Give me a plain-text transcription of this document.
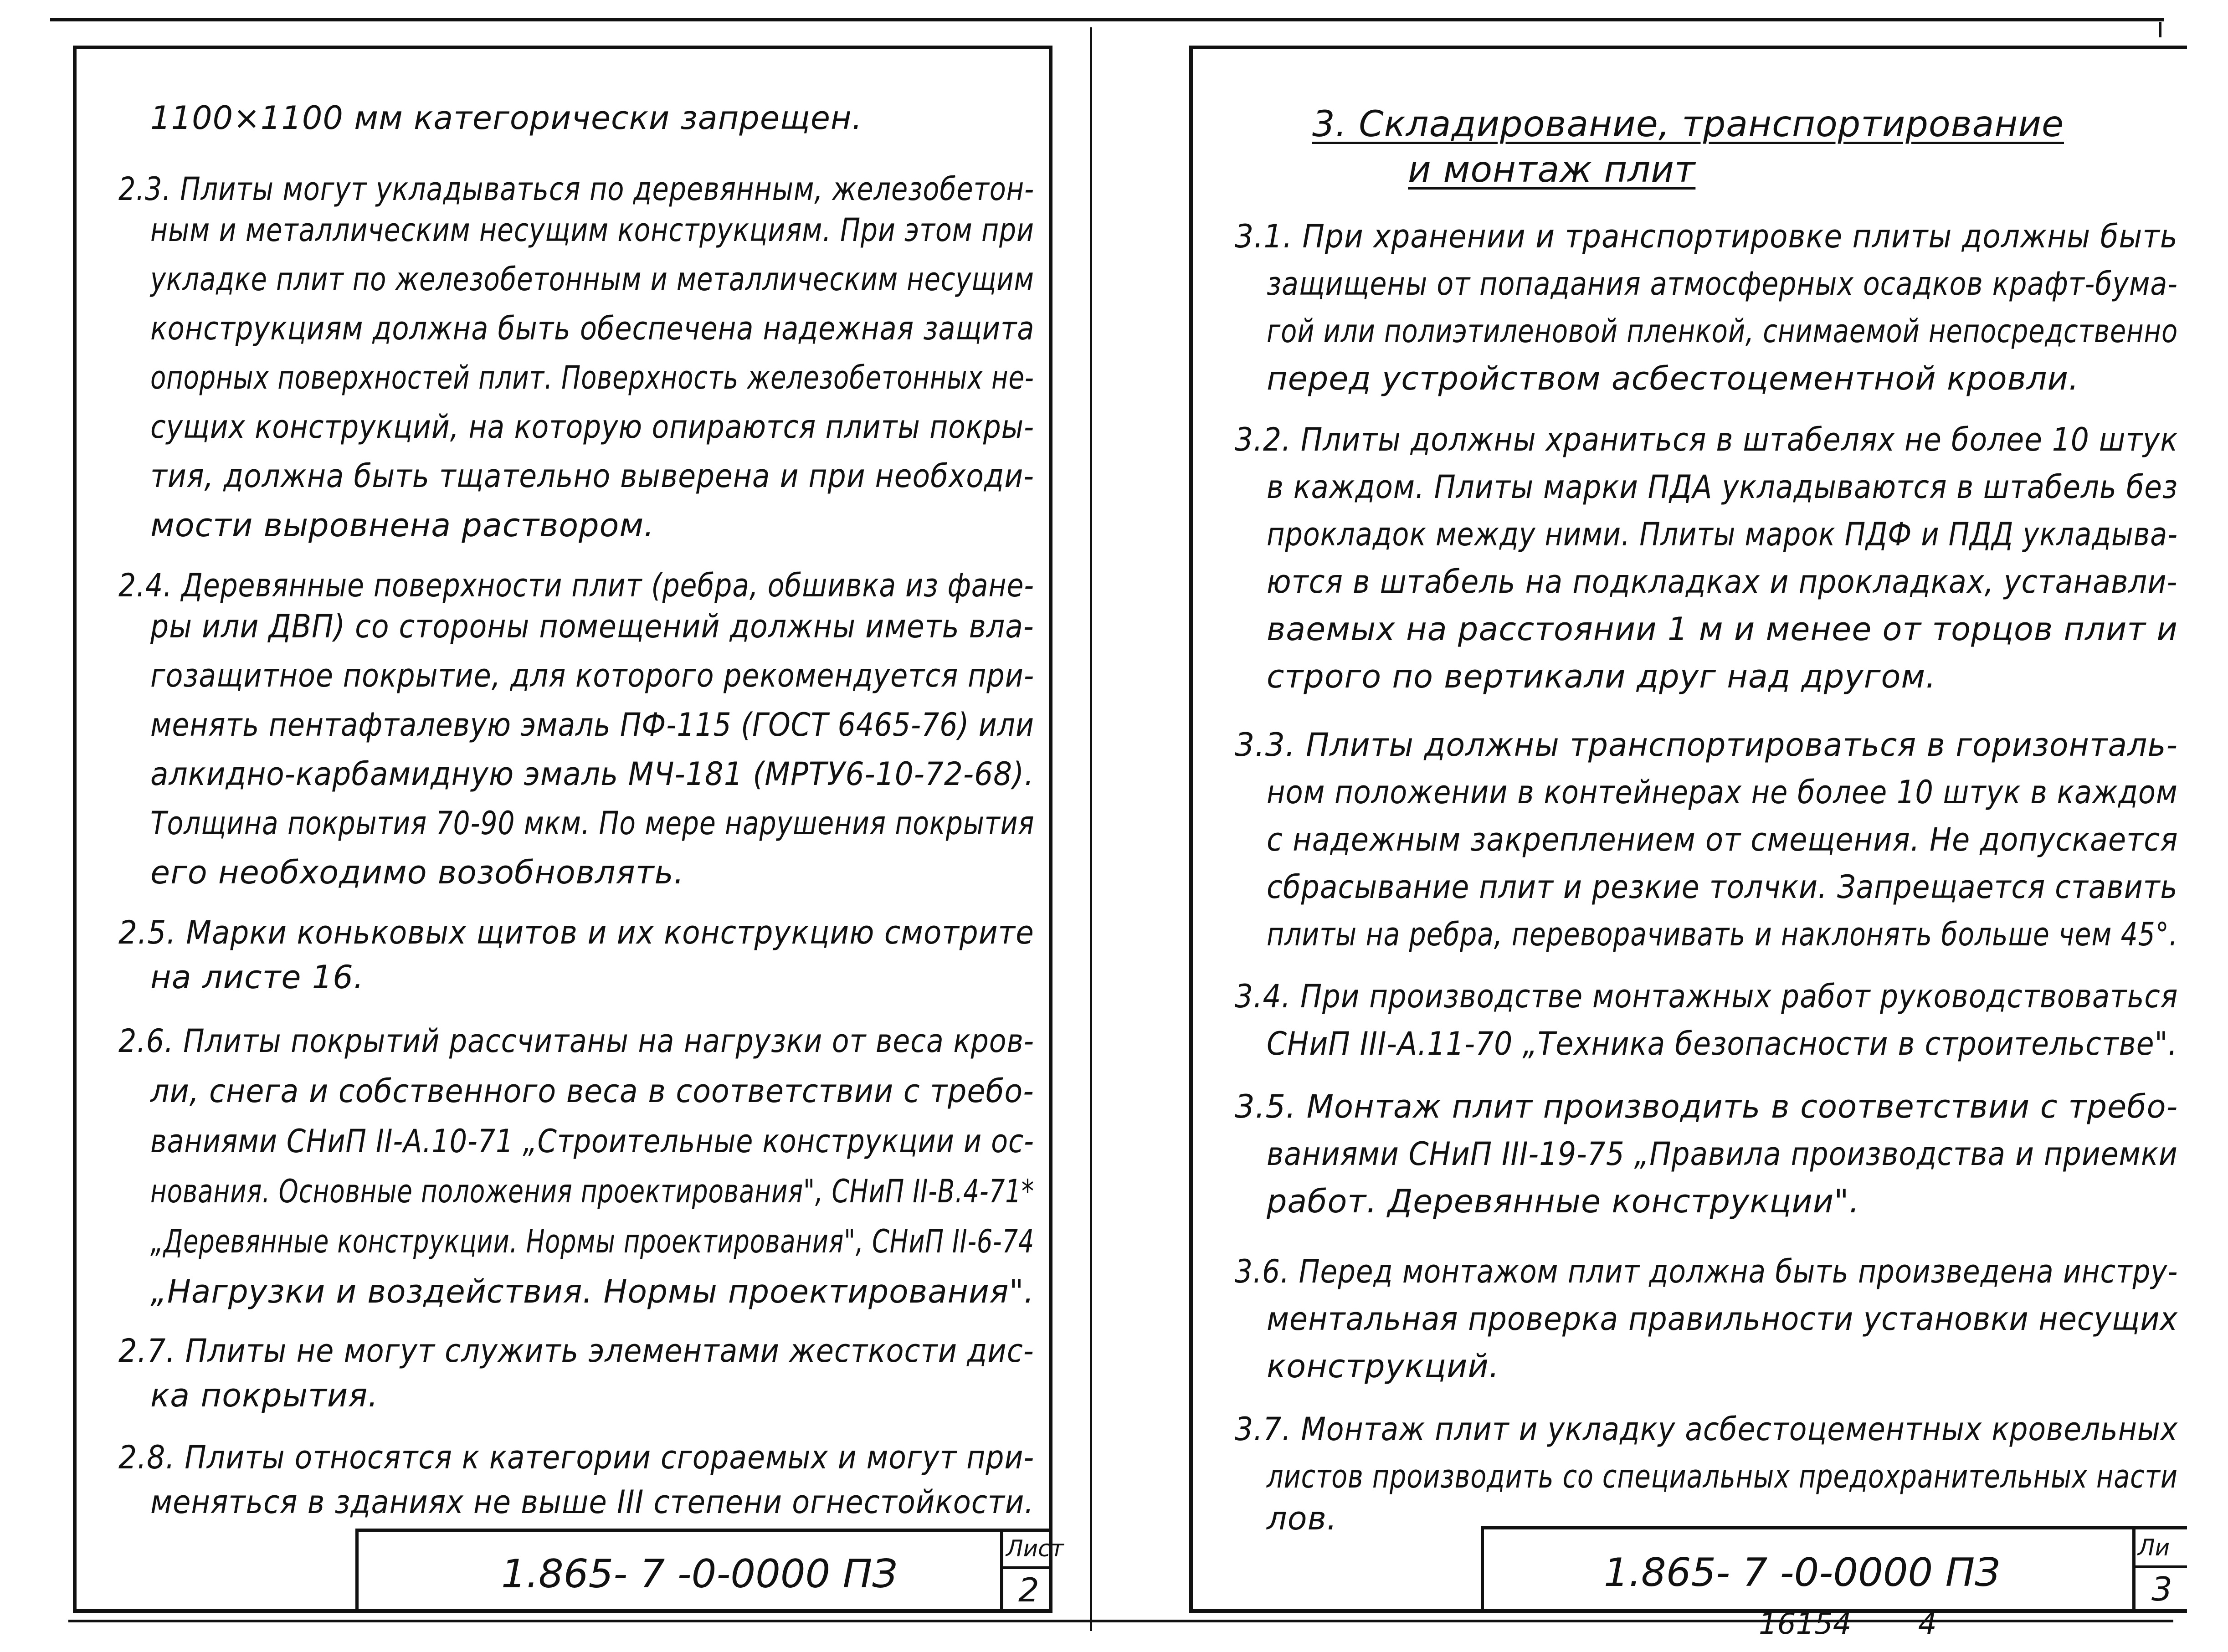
1100×1100 мм категорически запрещен.
2.3. Плиты могут укладываться по деревянным, железобетон-
ным и металлическим несущим конструкциям. При этом при
укладке плит по железобетонным и металлическим несущим
конструкциям должна быть обеспечена надежная защита
опорных поверхностей плит. Поверхность железобетонных не-
сущих конструкций, на которую опираются плиты покры-
тия, должна быть тщательно выверена и при необходи-
мости выровнена раствором.
2.4. Деревянные поверхности плит (ребра, обшивка из фане-
ры или ДВП) со стороны помещений должны иметь вла-
гозащитное покрытие, для которого рекомендуется при-
менять пентафталевую эмаль ПФ-115 (ГОСТ 6465-76) или
алкидно-карбамидную эмаль МЧ-181 (МРТУ6-10-72-68).
Толщина покрытия 70-90 мкм. По мере нарушения покрытия
его необходимо возобновлять.
2.5. Марки коньковых щитов и их конструкцию смотрите
на листе 16.
2.6. Плиты покрытий рассчитаны на нагрузки от веса кров-
ли, снега и собственного веса в соответствии с требо-
ваниями СНиП II-А.10-71 „Строительные конструкции и ос-
нования. Основные положения проектирования", СНиП II-В.4-71*
„Деревянные конструкции. Нормы проектирования", СНиП II-6-74
„Нагрузки и воздействия. Нормы проектирования".
2.7. Плиты не могут служить элементами жесткости дис-
ка покрытия.
2.8. Плиты относятся к категории сгораемых и могут при-
меняться в зданиях не выше III степени огнестойкости.
1.865- 7 -0-0000 ПЗ
Лист
2
3. Складирование, транспортирование
и монтаж плит
3.1. При хранении и транспортировке плиты должны быть
защищены от попадания атмосферных осадков крафт-бума-
гой или полиэтиленовой пленкой, снимаемой непосредственно
перед устройством асбестоцементной кровли.
3.2. Плиты должны храниться в штабелях не более 10 штук
в каждом. Плиты марки ПДА укладываются в штабель без
прокладок между ними. Плиты марок ПДФ и ПДД укладыва-
ются в штабель на подкладках и прокладках, устанавли-
ваемых на расстоянии 1 м и менее от торцов плит и
строго по вертикали друг над другом.
3.3. Плиты должны транспортироваться в горизонталь-
ном положении в контейнерах не более 10 штук в каждом
с надежным закреплением от смещения. Не допускается
сбрасывание плит и резкие толчки. Запрещается ставить
плиты на ребра, переворачивать и наклонять больше чем 45°.
3.4. При производстве монтажных работ руководствоваться
СНиП III-А.11-70 „Техника безопасности в строительстве".
3.5. Монтаж плит производить в соответствии с требо-
ваниями СНиП III-19-75 „Правила производства и приемки
работ. Деревянные конструкции".
3.6. Перед монтажом плит должна быть произведена инстру-
ментальная проверка правильности установки несущих
конструкций.
3.7. Монтаж плит и укладку асбестоцементных кровельных
листов производить со специальных предохранительных насти
лов.
1.865- 7 -0-0000 ПЗ
Ли
3
16154 4
